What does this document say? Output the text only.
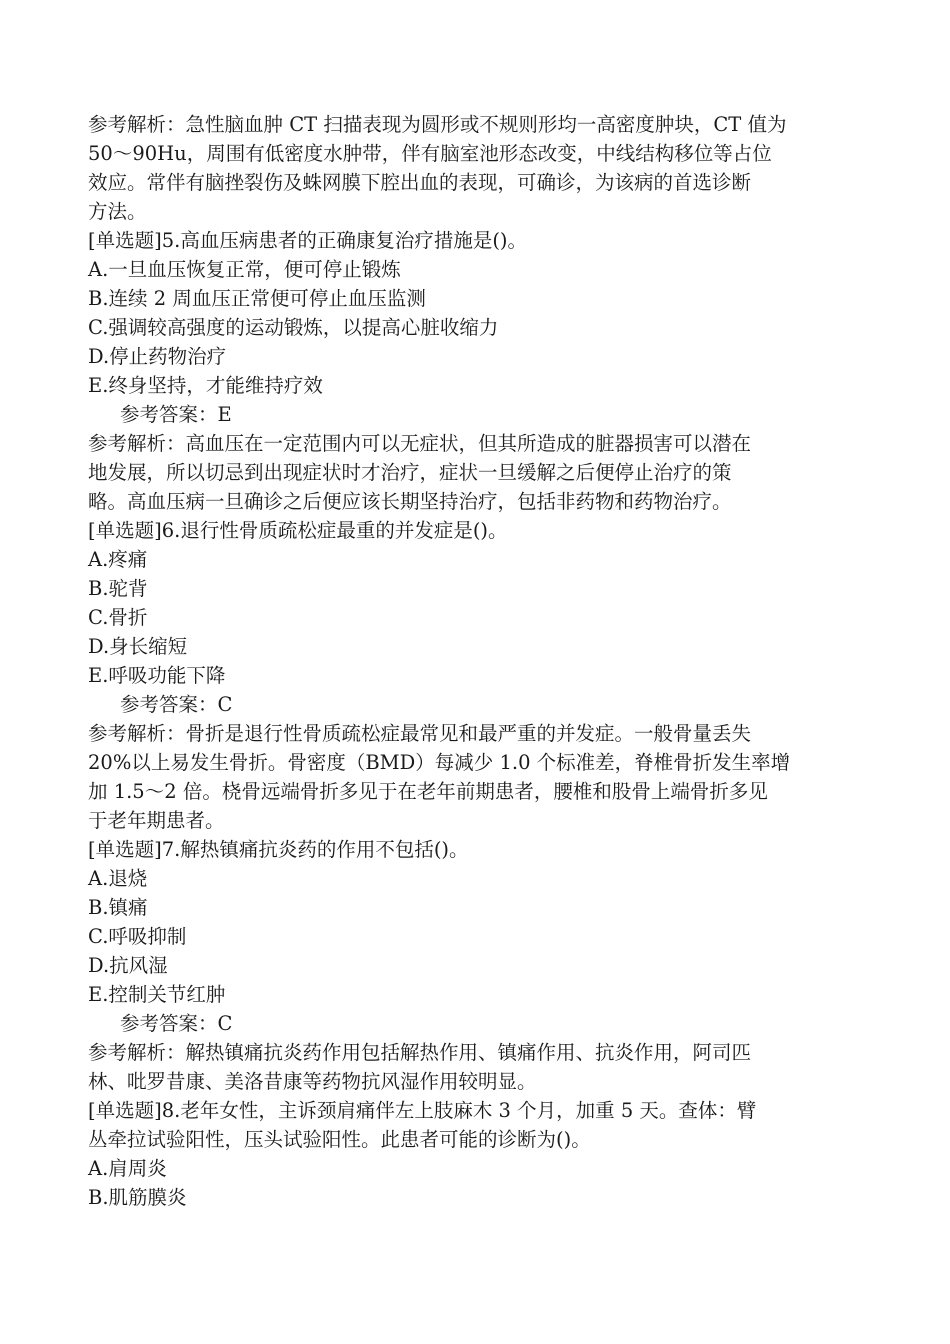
参考解析：急性脑血肿 CT 扫描表现为圆形或不规则形均一高密度肿块，CT 值为
50～90Hu，周围有低密度水肿带，伴有脑室池形态改变，中线结构移位等占位
效应。常伴有脑挫裂伤及蛛网膜下腔出血的表现，可确诊，为该病的首选诊断
方法。
[单选题]5.高血压病患者的正确康复治疗措施是()。
A.一旦血压恢复正常，便可停止锻炼
B.连续 2 周血压正常便可停止血压监测
C.强调较高强度的运动锻炼，以提高心脏收缩力
D.停止药物治疗
E.终身坚持，才能维持疗效
参考答案：E
参考解析：高血压在一定范围内可以无症状，但其所造成的脏器损害可以潜在
地发展，所以切忌到出现症状时才治疗，症状一旦缓解之后便停止治疗的策
略。高血压病一旦确诊之后便应该长期坚持治疗，包括非药物和药物治疗。
[单选题]6.退行性骨质疏松症最重的并发症是()。
A.疼痛
B.驼背
C.骨折
D.身长缩短
E.呼吸功能下降
参考答案：C
参考解析：骨折是退行性骨质疏松症最常见和最严重的并发症。一般骨量丢失
20%以上易发生骨折。骨密度（BMD）每减少 1.0 个标准差，脊椎骨折发生率增
加 1.5～2 倍。桡骨远端骨折多见于在老年前期患者，腰椎和股骨上端骨折多见
于老年期患者。
[单选题]7.解热镇痛抗炎药的作用不包括()。
A.退烧
B.镇痛
C.呼吸抑制
D.抗风湿
E.控制关节红肿
参考答案：C
参考解析：解热镇痛抗炎药作用包括解热作用、镇痛作用、抗炎作用，阿司匹
林、吡罗昔康、美洛昔康等药物抗风湿作用较明显。
[单选题]8.老年女性，主诉颈肩痛伴左上肢麻木 3 个月，加重 5 天。查体：臂
丛牵拉试验阳性，压头试验阳性。此患者可能的诊断为()。
A.肩周炎
B.肌筋膜炎
